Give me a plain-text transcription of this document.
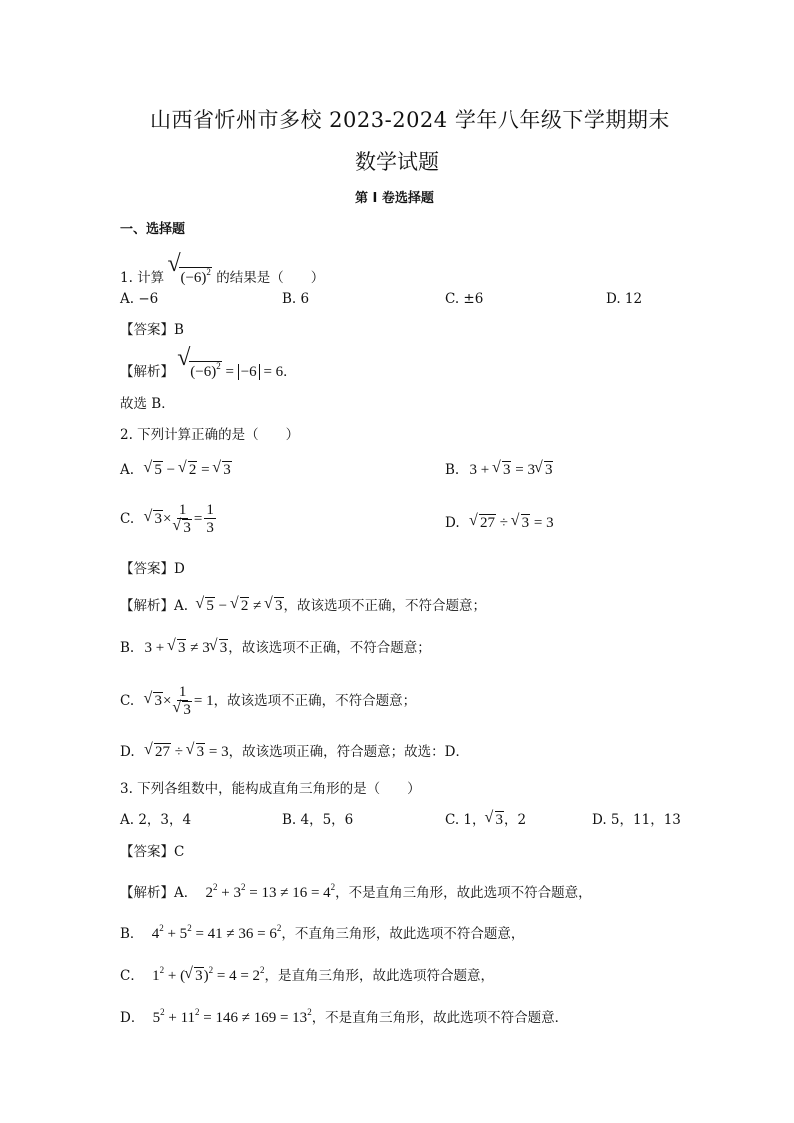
山西省忻州市多校 2023-2024 学年八年级下学期期末
数学试题
第 I 卷选择题
一、选择题
1. 计算 √ $(-6)^2$ 的结果是（　　）
A. −6	B. 6	C. ±6	D. 12
【答案】B
【解析】 √ $(-6)^2 = -6 = 6$．
故选 B．
2. 下列计算正确的是（　　）
A. √ 5 − √ 2 = √ 3	B. 3 + √ 3 = 3 √ 3
C. √ 3× 1
√ $3 = \frac{1}{3}$	D. √ 27 ÷ √ 3 = 3
【答案】D
【解析】A. √ 5 − √ 2 ≠ √ 3，故该选项不正确，不符合题意；
B. 3 + √ 3 ≠ 3 √ 3，故该选项不正确，不符合题意；
C. √ 3× 1
√ 3 = 1，故该选项不正确，不符合题意；
D. √ 27 ÷ √ 3 = 3，故该选项正确，符合题意；故选：D．
3. 下列各组数中，能构成直角三角形的是（　　）
A. 2，3，4	B. 4，5，6	C. 1， √ 3，2	D. 5，11，13
【答案】C
【解析】A． $2^2 + 3^2 = 13 \ne 16 = 4^2$，不是直角三角形，故此选项不符合题意，
B． $4^2 + 5^2 = 41 \ne 36 = 6^2$，不直角三角形，故此选项不符合题意，
C． $1^2$ + ( √ $3)^2 = 4 = 2^2$，是直角三角形，故此选项符合题意，
D． $5^2 + 11^2 = 146 \ne 169 = 13^2$，不是直角三角形，故此选项不符合题意．
